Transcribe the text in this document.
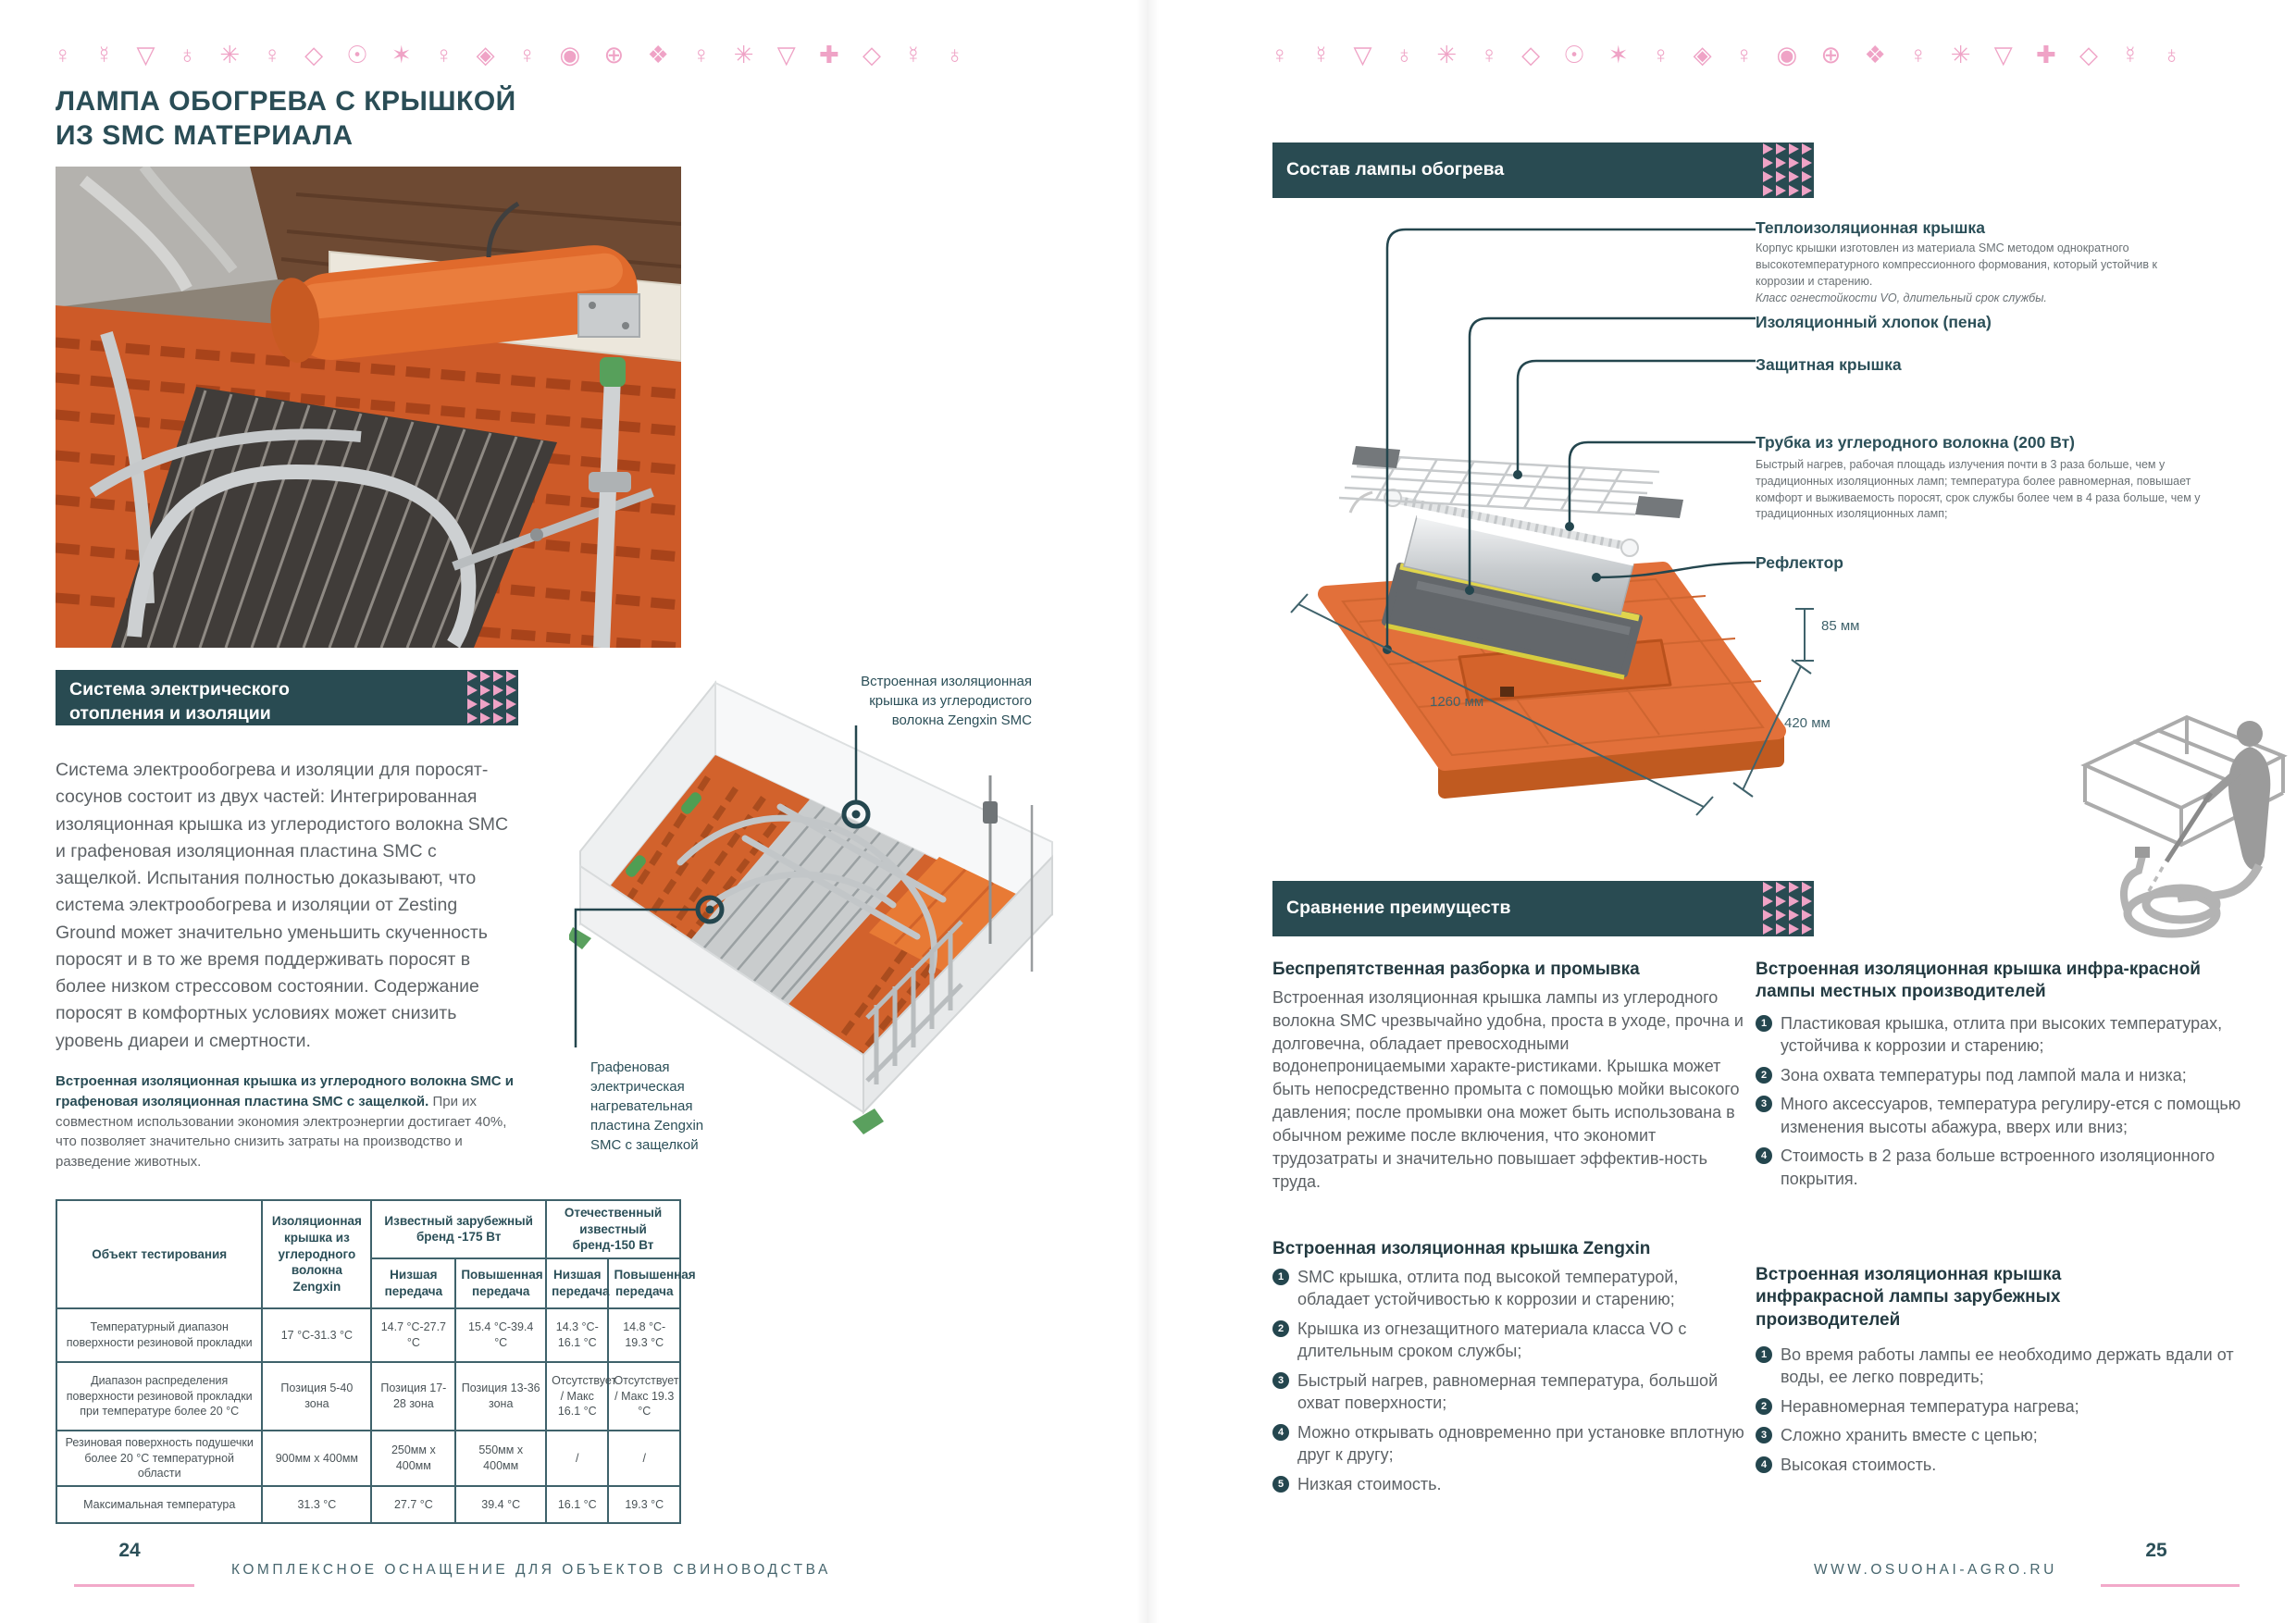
♀ ☿ ▽ ♁ ✳ ♀ ◇ ☉ ✶ ♀ ◈ ♀ ◉ ⊕ ❖ ♀ ✳ ▽ ✚ ◇ ☿ ♁
ЛАМПА ОБОГРЕВА С КРЫШКОЙ
ИЗ SMC МАТЕРИАЛА
Система электрического
отопления и изоляции
Система электрообогрева и изоляции для поросят-сосунов состоит из двух частей: Интегрированная изоляционная крышка из углеродистого волокна SMC и графеновая изоляционная пластина SMC с защелкой. Испытания полностью доказывают, что система электрообогрева и изоляции от Zesting Ground может значительно уменьшить скученность поросят и в то же время поддерживать поросят в более низком стрессовом состоянии. Содержание поросят в комфортных условиях может снизить уровень диареи и смертности.
Встроенная изоляционная крышка из углеродного волокна SMC и графеновая изоляционная пластина SMC с защелкой. При их совместном использовании экономия электроэнергии достигает 40%, что позволяет значительно снизить затраты на производство и разведение животных.
Объект тестирования	Изоляционная крышка из углеродного волокна Zengxin	Известный зарубежный бренд -175 Вт		Отечественный известный бренд-150 Вт	
		Низшая передача	Повышенная передача	Низшая передача	Повышенная передача
Температурный диапазон поверхности резиновой прокладки	17 °C-31.3 °C	14.7 °C-27.7 °C	15.4 °C-39.4 °C	14.3 °C-16.1 °C	14.8 °C-19.3 °C
Диапазон распределения поверхности резиновой прокладки при температуре более 20 °C	Позиция 5-40 зона	Позиция 17-28 зона	Позиция 13-36 зона	Отсутствует / Макс 16.1 °C	Отсутствует / Макс 19.3 °C
Резиновая поверхность подушечки более 20 °C температурной области	900мм x 400мм	250мм x 400мм	550мм x 400мм	/	/
Максимальная температура	31.3 °C	27.7 °C	39.4 °C	16.1 °C	19.3 °C
Встроенная изоляционная
крышка из углеродистого
волокна Zengxin SMC
Графеновая
электрическая
нагревательная
пластина Zengxin
SMC с защелкой
24
КОМПЛЕКСНОЕ ОСНАЩЕНИЕ ДЛЯ ОБЪЕКТОВ СВИНОВОДСТВА
♀ ☿ ▽ ♁ ✳ ♀ ◇ ☉ ✶ ♀ ◈ ♀ ◉ ⊕ ❖ ♀ ✳ ▽ ✚ ◇ ☿ ♁
Состав лампы обогрева
Теплоизоляционная крышка
Корпус крышки изготовлен из материала SMC методом однократного высокотемпературного компрессионного формования, который устойчив к коррозии и старению.
Класс огнестойкости VO, длительный срок службы.
Изоляционный хлопок (пена)
Защитная крышка
Трубка из углеродного волокна (200 Вт)
Быстрый нагрев, рабочая площадь излучения почти в 3 раза больше, чем у традиционных изоляционных ламп; температура более равномерная, повышает комфорт и выживаемость поросят, срок службы более чем в 4 раза больше, чем у традиционных изоляционных ламп;
Рефлектор
85 мм
1260 мм
420 мм
Сравнение преимуществ
Беспрепятственная разборка и промывка
Встроенная изоляционная крышка лампы из углеродного волокна SMC чрезвычайно удобна, проста в уходе, прочна и долговечна, обладает превосходными водонепроницаемыми характе-ристиками. Крышка может быть непосредственно промыта с помощью мойки высокого давления; после промывки она может быть использована в обычном режиме после включения, что экономит трудозатраты и значительно повышает эффектив-ность труда.
Встроенная изоляционная крышка Zengxin
1 SMC крышка, отлита под высокой температурой, обладает устойчивостью к коррозии и старению;
2 Крышка из огнезащитного материала класса VO с длительным сроком службы;
3 Быстрый нагрев, равномерная температура, большой охват поверхности;
4 Можно открывать одновременно при установке вплотную друг к другу;
5 Низкая стоимость.
Встроенная изоляционная крышка инфра-красной лампы местных производителей
1 Пластиковая крышка, отлита при высоких температурах, устойчива к коррозии и старению;
2 Зона охвата температуры под лампой мала и низка;
3 Много аксессуаров, температура регулиру-ется с помощью изменения высоты абажура, вверх или вниз;
4 Стоимость в 2 раза больше встроенного изоляционного покрытия.
Встроенная изоляционная крышка инфракрасной лампы зарубежных производителей
1 Во время работы лампы ее необходимо держать вдали от воды, ее легко повредить;
2 Неравномерная температура нагрева;
3 Сложно хранить вместе с цепью;
4 Высокая стоимость.
WWW.OSUOHAI-AGRO.RU
25
